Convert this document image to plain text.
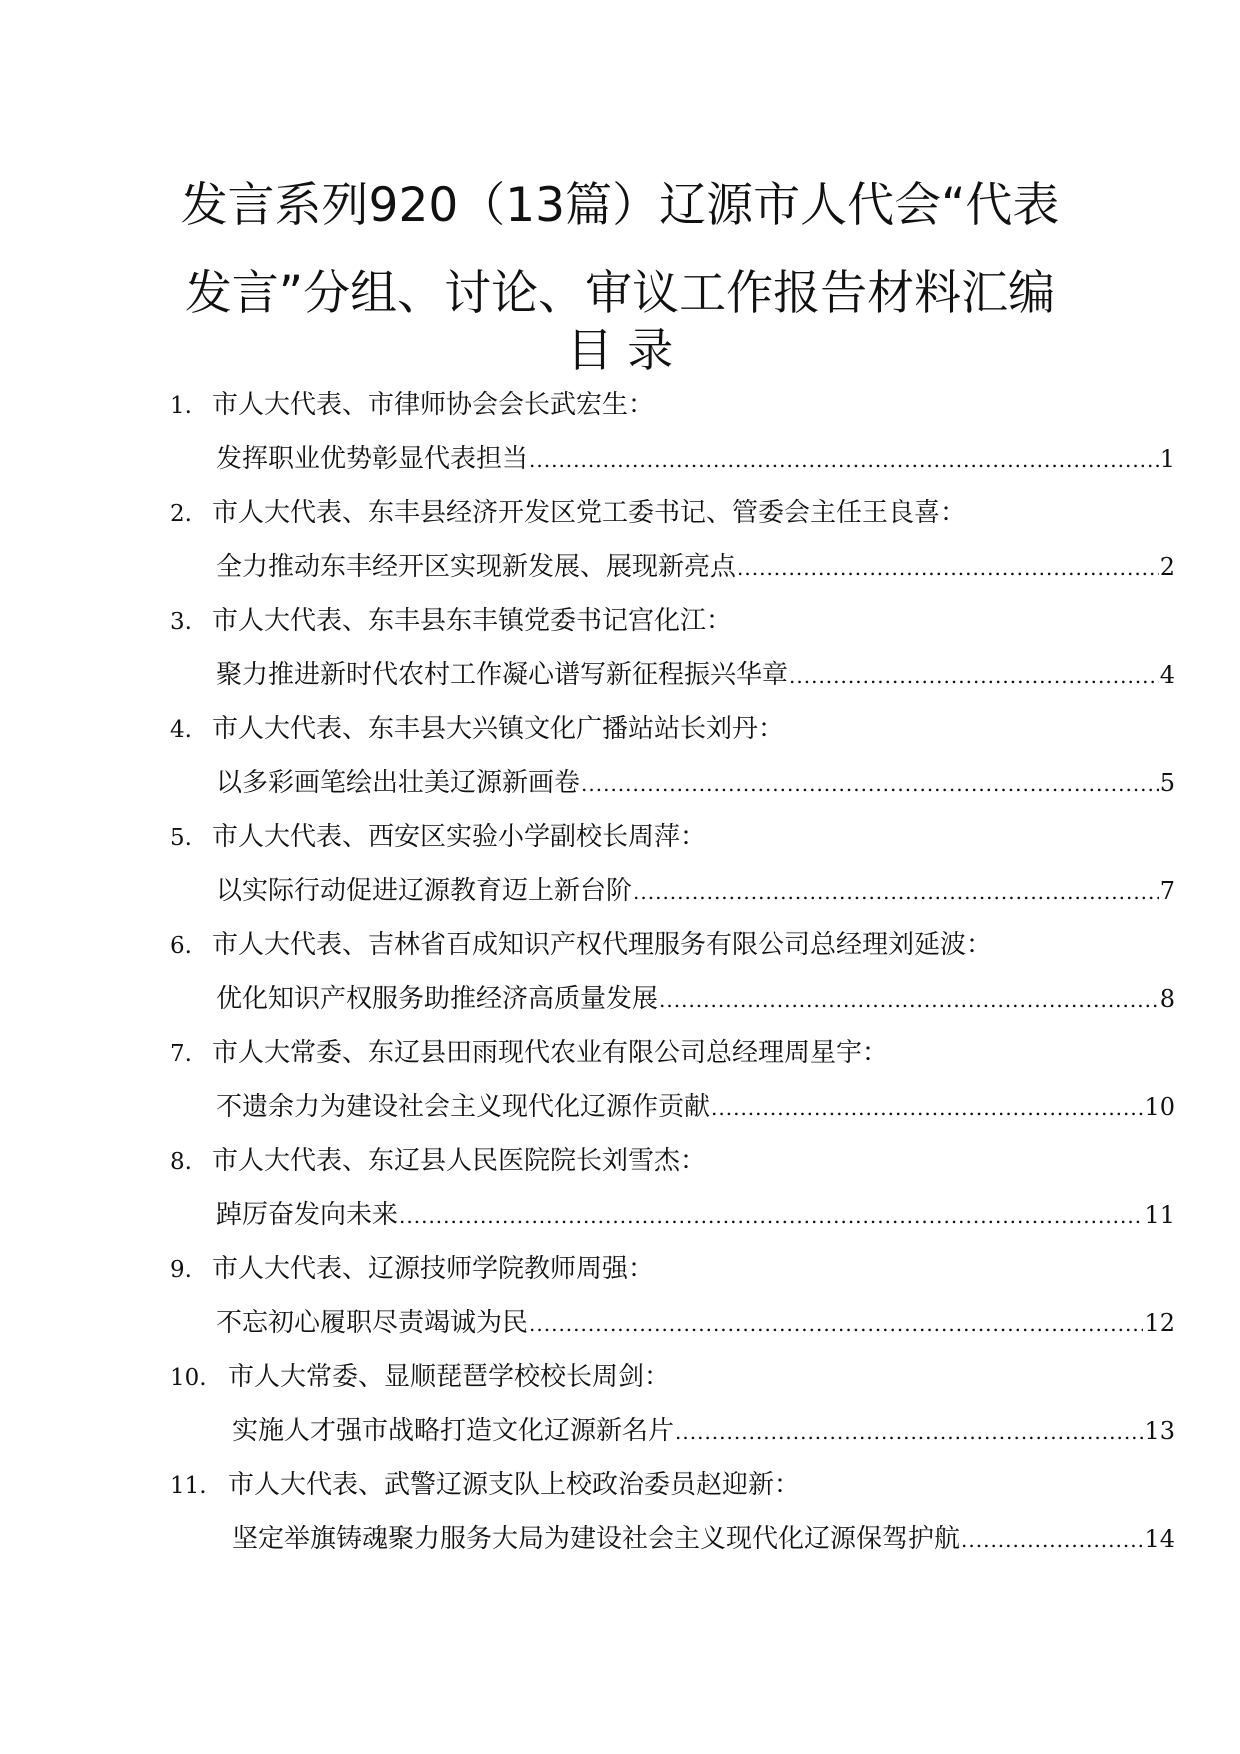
发言系列920（13篇）辽源市人代会“代表
发言”分组、讨论、审议工作报告材料汇编
目 录
1. 市人大代表、市律师协会会长武宏生：
发挥职业优势彰显代表担当 .....	1
2. 市人大代表、东丰县经济开发区党工委书记、管委会主任王良喜：
全力推动东丰经开区实现新发展、展现新亮点 .....	2
3. 市人大代表、东丰县东丰镇党委书记宫化江：
聚力推进新时代农村工作凝心谱写新征程振兴华章 .....	4
4. 市人大代表、东丰县大兴镇文化广播站站长刘丹：
以多彩画笔绘出壮美辽源新画卷 .....	5
5. 市人大代表、西安区实验小学副校长周萍：
以实际行动促进辽源教育迈上新台阶 .....	7
6. 市人大代表、吉林省百成知识产权代理服务有限公司总经理刘延波：
优化知识产权服务助推经济高质量发展 .....	8
7. 市人大常委、东辽县田雨现代农业有限公司总经理周星宇：
不遗余力为建设社会主义现代化辽源作贡献 .....	10
8. 市人大代表、东辽县人民医院院长刘雪杰：
踔厉奋发向未来 .....	11
9. 市人大代表、辽源技师学院教师周强：
不忘初心履职尽责竭诚为民 .....	12
10. 市人大常委、显顺琵琶学校校长周剑：
实施人才强市战略打造文化辽源新名片 .....	13
11. 市人大代表、武警辽源支队上校政治委员赵迎新：
坚定举旗铸魂聚力服务大局为建设社会主义现代化辽源保驾护航 .....	14
